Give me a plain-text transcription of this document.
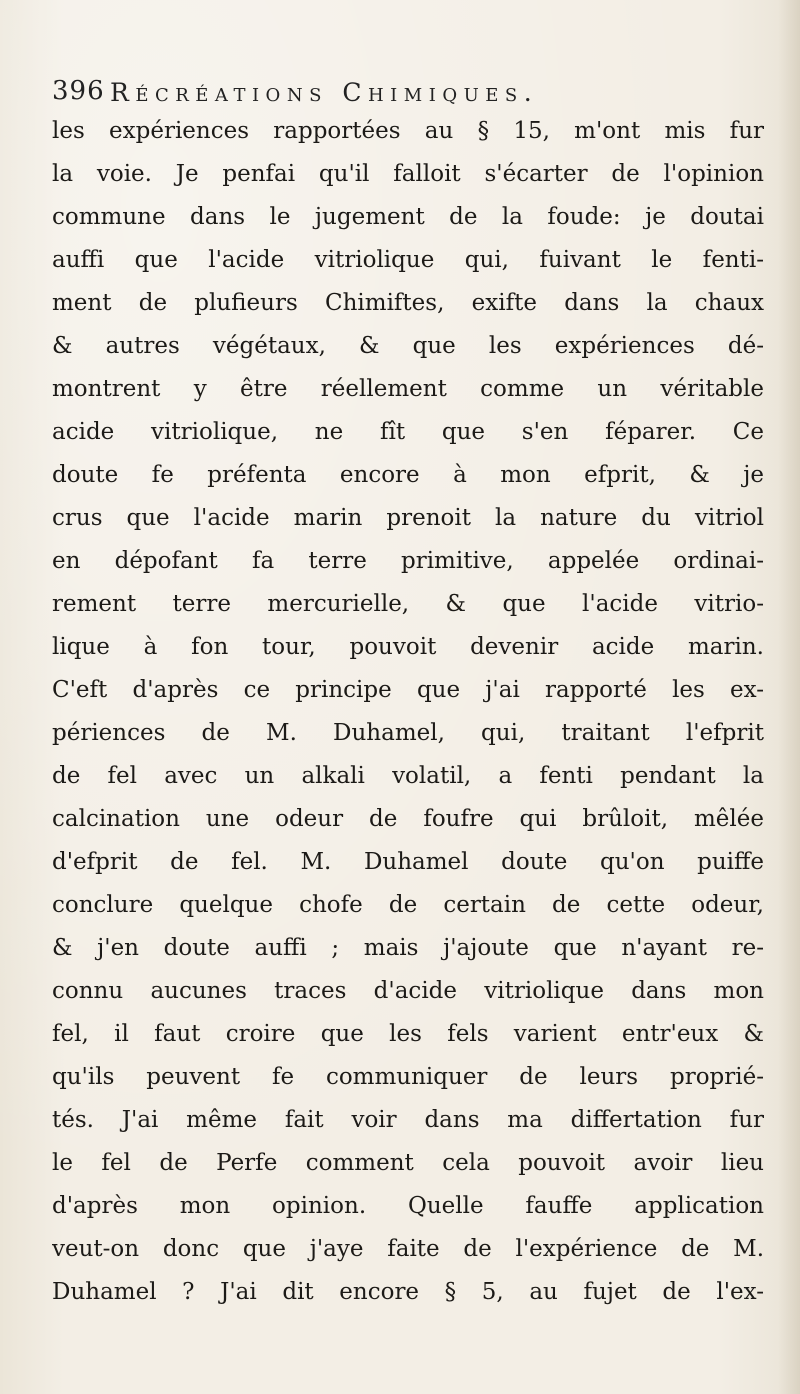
396 Récréations Chimiques.
les expériences rapportées au § 15, m'ont mis fur
la voie. Je penfai qu'il falloit s'écarter de l'opinion
commune dans le jugement de la foude: je doutai
auffi que l'acide vitriolique qui, fuivant le fenti-
ment de plufieurs Chimiftes, exifte dans la chaux
& autres végétaux, & que les expériences dé-
montrent y être réellement comme un véritable
acide vitriolique, ne fît que s'en féparer. Ce
doute fe préfenta encore à mon efprit, & je
crus que l'acide marin prenoit la nature du vitriol
en dépofant fa terre primitive, appelée ordinai-
rement terre mercurielle, & que l'acide vitrio-
lique à fon tour, pouvoit devenir acide marin.
C'eft d'après ce principe que j'ai rapporté les ex-
périences de M. Duhamel, qui, traitant l'efprit
de fel avec un alkali volatil, a fenti pendant la
calcination une odeur de foufre qui brûloit, mêlée
d'efprit de fel. M. Duhamel doute qu'on puiffe
conclure quelque chofe de certain de cette odeur,
& j'en doute auffi ; mais j'ajoute que n'ayant re-
connu aucunes traces d'acide vitriolique dans mon
fel, il faut croire que les fels varient entr'eux &
qu'ils peuvent fe communiquer de leurs proprié-
tés. J'ai même fait voir dans ma differtation fur
le fel de Perfe comment cela pouvoit avoir lieu
d'après mon opinion. Quelle fauffe application
veut-on donc que j'aye faite de l'expérience de M.
Duhamel ? J'ai dit encore § 5, au fujet de l'ex-
